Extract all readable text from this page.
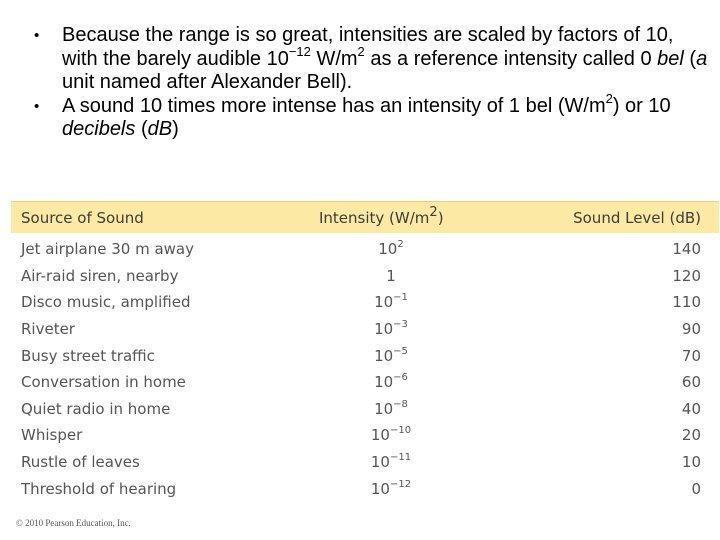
• Because the range is so great, intensities are scaled by factors of 10, with the barely audible $10^{-12}$ $W/m^2$ as a reference intensity called 0 bel (a unit named after Alexander Bell).
• A sound 10 times more intense has an intensity of 1 bel $(W/m^2)$ or 10 decibels (dB)
Source of Sound	Intensity $(W/m^2)$	Sound Level (dB)
Jet airplane 30 m away	$10^2$	140
Air-raid siren, nearby	1	120
Disco music, amplified	$10^{-1}$	110
Riveter	$10^{-3}$	90
Busy street traffic	$10^{-5}$	70
Conversation in home	$10^{-6}$	60
Quiet radio in home	$10^{-8}$	40
Whisper	$10^{-10}$	20
Rustle of leaves	$10^{-11}$	10
Threshold of hearing	$10^{-12}$	0
© 2010 Pearson Education, Inc.
